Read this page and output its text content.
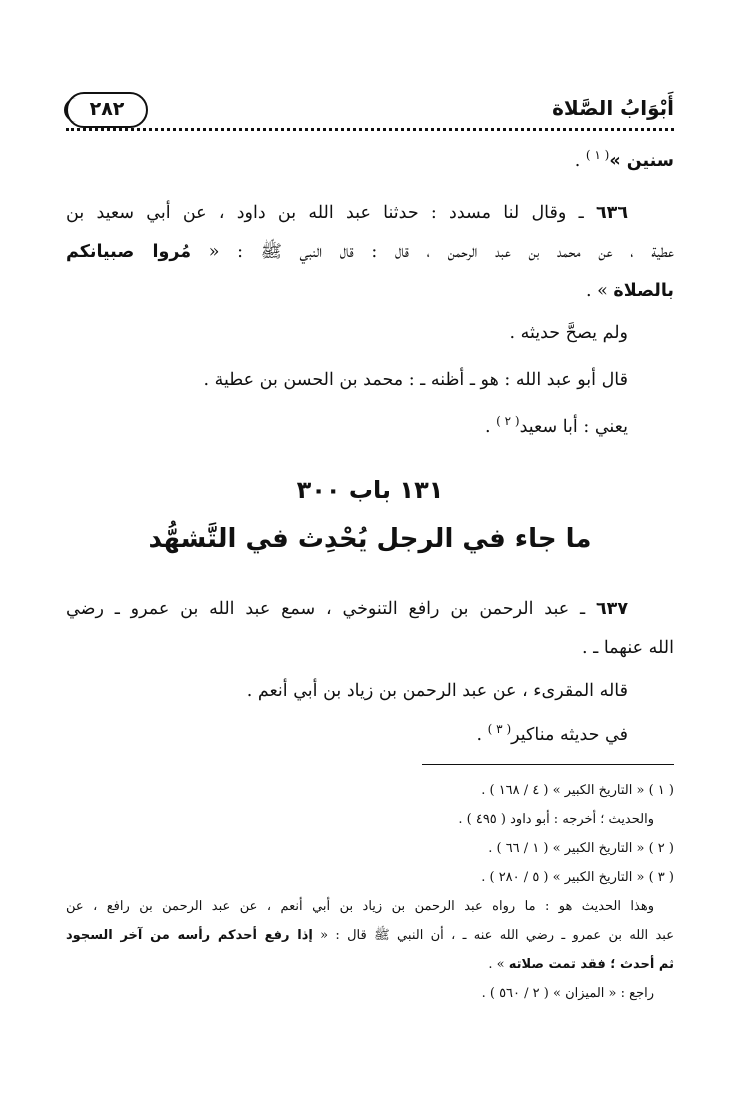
٢٨٢	أَبْوَابُ الصَّلاة
سنين »$^{( ١ )}$ .
٦٣٦ ـ وقال لنا مسدد : حدثنا عبد الله بن داود ، عن أبي سعيد بن
عطية ، عن محمد بن عبد الرحمن ، قال : قال النبي ﷺ : « مُروا صبيانكم
بالصلاة » .
ولم يصحَّ حديثه .
قال أبو عبد الله : هو ـ أظنه ـ : محمد بن الحسن بن عطية .
يعني : أبا سعيد$^{( ٢ )}$ .
١٣١ باب ٣٠٠
ما جاء في الرجل يُحْدِث في التَّشهُّد
٦٣٧ ـ عبد الرحمن بن رافع التنوخي ، سمع عبد الله بن عمرو ـ رضي
الله عنهما ـ .
قاله المقرىء ، عن عبد الرحمن بن زياد بن أبي أنعم .
في حديثه مناكير$^{( ٣ )}$ .
( ١ ) « التاريخ الكبير » ( ٤ / ١٦٨ ) .
والحديث ؛ أخرجه : أبو داود ( ٤٩٥ ) .
( ٢ ) « التاريخ الكبير » ( ١ / ٦٦ ) .
( ٣ ) « التاريخ الكبير » ( ٥ / ٢٨٠ ) .
وهذا الحديث هو : ما رواه عبد الرحمن بن زياد بن أبي أنعم ، عن عبد الرحمن بن رافع ، عن
عبد الله بن عمرو ـ رضي الله عنه ـ ، أن النبي ﷺ قال : « إذا رفع أحدكم رأسه من آخر السجود
ثم أحدث ؛ فقد تمت صلاته » .
راجع : « الميزان » ( ٢ / ٥٦٠ ) .
